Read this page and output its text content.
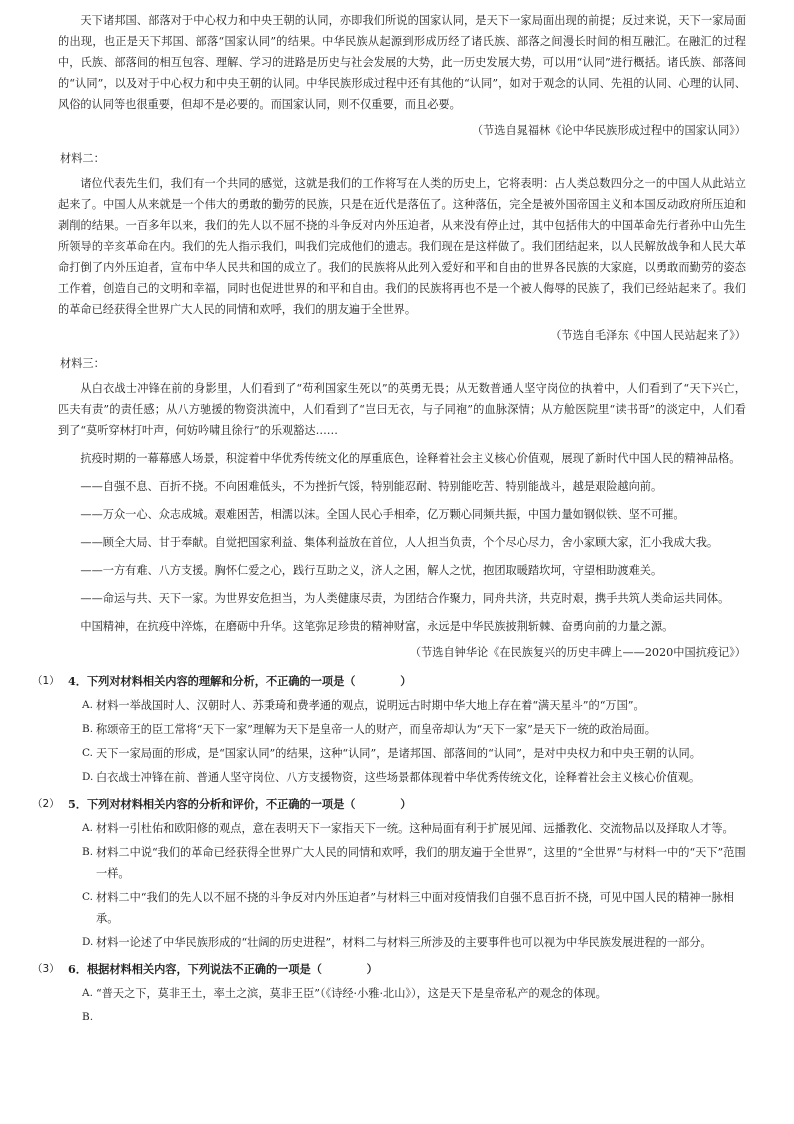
天下诸邦国、部落对于中心权力和中央王朝的认同，亦即我们所说的国家认同，是天下一家局面出现的前提；反过来说，天下一家局面的出现，也正是天下邦国、部落“国家认同”的结果。中华民族从起源到形成历经了诸氏族、部落之间漫长时间的相互融汇。在融汇的过程中，氏族、部落间的相互包容、理解、学习的进路是历史与社会发展的大势，此一历史发展大势，可以用“认同”进行概括。诸氏族、部落间的“认同”，以及对于中心权力和中央王朝的认同。中华民族形成过程中还有其他的“认同”，如对于观念的认同、先祖的认同、心理的认同、风俗的认同等也很重要，但却不是必要的。而国家认同，则不仅重要，而且必要。

（节选自晁福林《论中华民族形成过程中的国家认同》）

材料二：

诸位代表先生们，我们有一个共同的感觉，这就是我们的工作将写在人类的历史上，它将表明：占人类总数四分之一的中国人从此站立起来了。中国人从来就是一个伟大的勇敢的勤劳的民族，只是在近代是落伍了。这种落伍，完全是被外国帝国主义和本国反动政府所压迫和剥削的结果。一百多年以来，我们的先人以不屈不挠的斗争反对内外压迫者，从来没有停止过，其中包括伟大的中国革命先行者孙中山先生所领导的辛亥革命在内。我们的先人指示我们，叫我们完成他们的遗志。我们现在是这样做了。我们团结起来，以人民解放战争和人民大革命打倒了内外压迫者，宣布中华人民共和国的成立了。我们的民族将从此列入爱好和平和自由的世界各民族的大家庭，以勇敢而勤劳的姿态工作着，创造自己的文明和幸福，同时也促进世界的和平和自由。我们的民族将再也不是一个被人侮辱的民族了，我们已经站起来了。我们的革命已经获得全世界广大人民的同情和欢呼，我们的朋友遍于全世界。

（节选自毛泽东《中国人民站起来了》）

材料三：

从白衣战士冲锋在前的身影里，人们看到了“苟利国家生死以”的英勇无畏；从无数普通人坚守岗位的执着中，人们看到了“天下兴亡，匹夫有责”的责任感；从八方驰援的物资洪流中，人们看到了“岂曰无衣，与子同袍”的血脉深情；从方舱医院里“读书哥”的淡定中，人们看到了“莫听穿林打叶声，何妨吟啸且徐行”的乐观豁达……

抗疫时期的一幕幕感人场景，积淀着中华优秀传统文化的厚重底色，诠释着社会主义核心价值观，展现了新时代中国人民的精神品格。

——自强不息、百折不挠。不向困难低头，不为挫折气馁，特别能忍耐、特别能吃苦、特别能战斗，越是艰险越向前。

——万众一心、众志成城。艰难困苦，相濡以沫。全国人民心手相牵，亿万颗心同频共振，中国力量如钢似铁、坚不可摧。

——顾全大局、甘于奉献。自觉把国家利益、集体利益放在首位，人人担当负责，个个尽心尽力，舍小家顾大家，汇小我成大我。

——一方有难、八方支援。胸怀仁爱之心，践行互助之义，济人之困，解人之忧，抱团取暖踏坎坷，守望相助渡难关。

——命运与共、天下一家。为世界安危担当，为人类健康尽责，为团结合作聚力，同舟共济，共克时艰，携手共筑人类命运共同体。

中国精神，在抗疫中淬炼，在磨砺中升华。这笔弥足珍贵的精神财富，永远是中华民族披荆斩棘、奋勇向前的力量之源。

（节选自钟华论《在民族复兴的历史丰碑上——2020中国抗疫记》）

（1） 4．下列对材料相关内容的理解和分析，不正确的一项是（　　　　）
A. 材料一举战国时人、汉朝时人、苏秉琦和费孝通的观点，说明远古时期中华大地上存在着“满天星斗”的“万国”。
B. 称颂帝王的臣工常将“天下一家”理解为天下是皇帝一人的财产，而皇帝却认为“天下一家”是天下一统的政治局面。
C. 天下一家局面的形成，是“国家认同”的结果，这种“认同”，是诸邦国、部落间的“认同”，是对中央权力和中央王朝的认同。
D. 白衣战士冲锋在前、普通人坚守岗位、八方支援物资，这些场景都体现着中华优秀传统文化，诠释着社会主义核心价值观。
（2） 5．下列对材料相关内容的分析和评价，不正确的一项是（　　　　）
A. 材料一引杜佑和欧阳修的观点，意在表明天下一家指天下一统。这种局面有利于扩展见闻、远播教化、交流物品以及择取人才等。
B. 材料二中说“我们的革命已经获得全世界广大人民的同情和欢呼，我们的朋友遍于全世界”，这里的“全世界”与材料一中的“天下”范围一样。
C. 材料二中“我们的先人以不屈不挠的斗争反对内外压迫者”与材料三中面对疫情我们自强不息百折不挠，可见中国人民的精神一脉相承。
D. 材料一论述了中华民族形成的“壮阔的历史进程”，材料二与材料三所涉及的主要事件也可以视为中华民族发展进程的一部分。
（3） 6．根据材料相关内容，下列说法不正确的一项是（　　　　）
A. “普天之下，莫非王土，率土之滨，莫非王臣”（《诗经·小雅·北山》），这是天下是皇帝私产的观念的体现。
B.
